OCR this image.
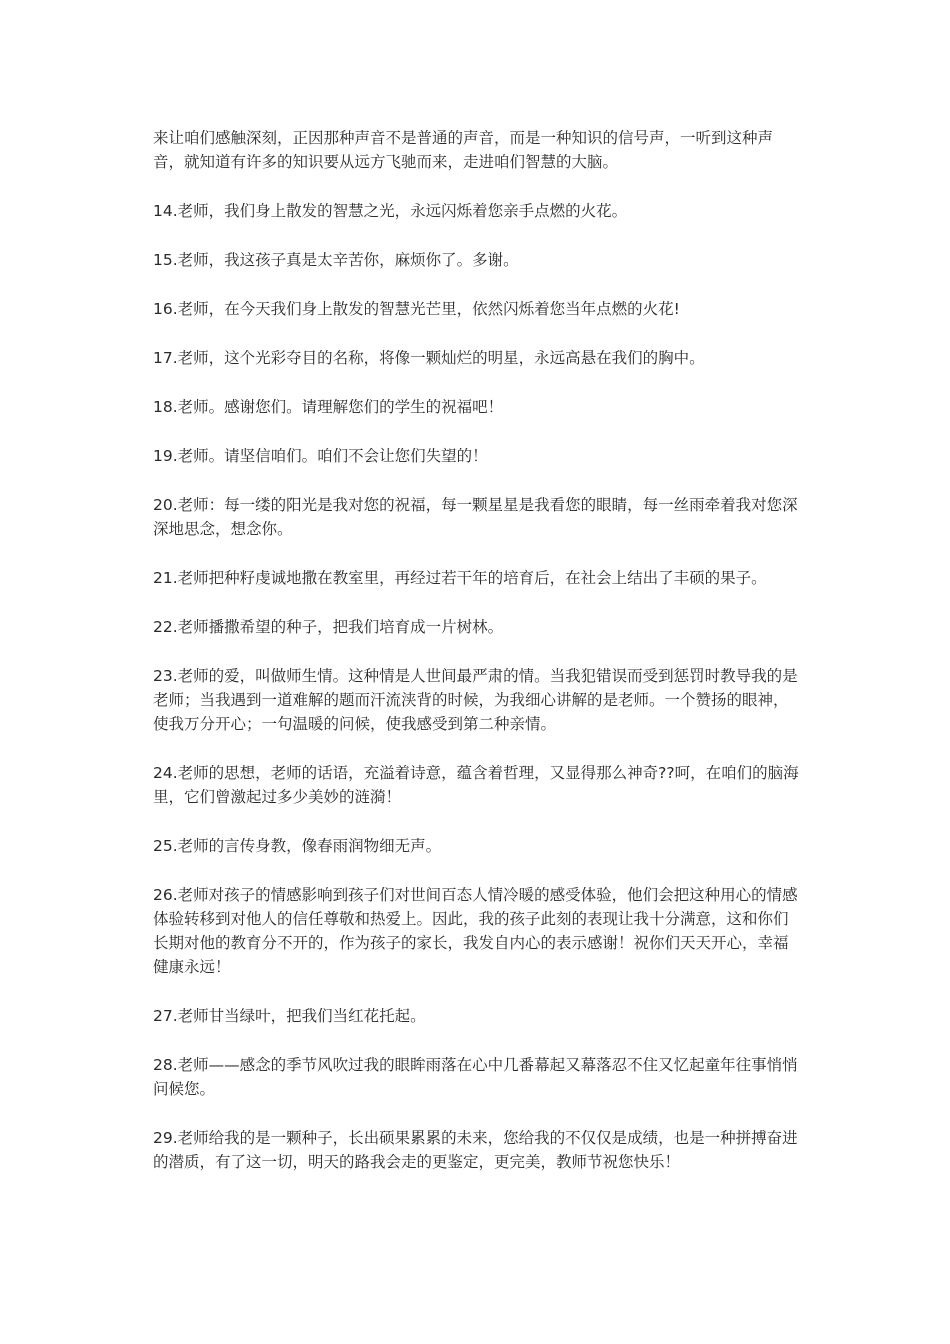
来让咱们感触深刻，正因那种声音不是普通的声音，而是一种知识的信号声，一听到这种声音，就知道有许多的知识要从远方飞驰而来，走进咱们智慧的大脑。

14.老师，我们身上散发的智慧之光，永远闪烁着您亲手点燃的火花。

15.老师，我这孩子真是太辛苦你，麻烦你了。多谢。

16.老师，在今天我们身上散发的智慧光芒里，依然闪烁着您当年点燃的火花!

17.老师，这个光彩夺目的名称，将像一颗灿烂的明星，永远高悬在我们的胸中。

18.老师。感谢您们。请理解您们的学生的祝福吧！

19.老师。请坚信咱们。咱们不会让您们失望的！

20.老师：每一缕的阳光是我对您的祝福，每一颗星星是我看您的眼睛，每一丝雨牵着我对您深深地思念，想念你。

21.老师把种籽虔诚地撒在教室里，再经过若干年的培育后，在社会上结出了丰硕的果子。

22.老师播撒希望的种子，把我们培育成一片树林。

23.老师的爱，叫做师生情。这种情是人世间最严肃的情。当我犯错误而受到惩罚时教导我的是老师；当我遇到一道难解的题而汗流浃背的时候，为我细心讲解的是老师。一个赞扬的眼神，使我万分开心；一句温暖的问候，使我感受到第二种亲情。

24.老师的思想，老师的话语，充溢着诗意，蕴含着哲理，又显得那么神奇??呵，在咱们的脑海里，它们曾激起过多少美妙的涟漪！

25.老师的言传身教，像春雨润物细无声。

26.老师对孩子的情感影响到孩子们对世间百态人情冷暖的感受体验，他们会把这种用心的情感体验转移到对他人的信任尊敬和热爱上。因此，我的孩子此刻的表现让我十分满意，这和你们长期对他的教育分不开的，作为孩子的家长，我发自内心的表示感谢！祝你们天天开心，幸福健康永远！

27.老师甘当绿叶，把我们当红花托起。

28.老师——感念的季节风吹过我的眼眸雨落在心中几番幕起又幕落忍不住又忆起童年往事悄悄问候您。

29.老师给我的是一颗种子，长出硕果累累的未来，您给我的不仅仅是成绩，也是一种拼搏奋进的潜质，有了这一切，明天的路我会走的更鉴定，更完美，教师节祝您快乐！
